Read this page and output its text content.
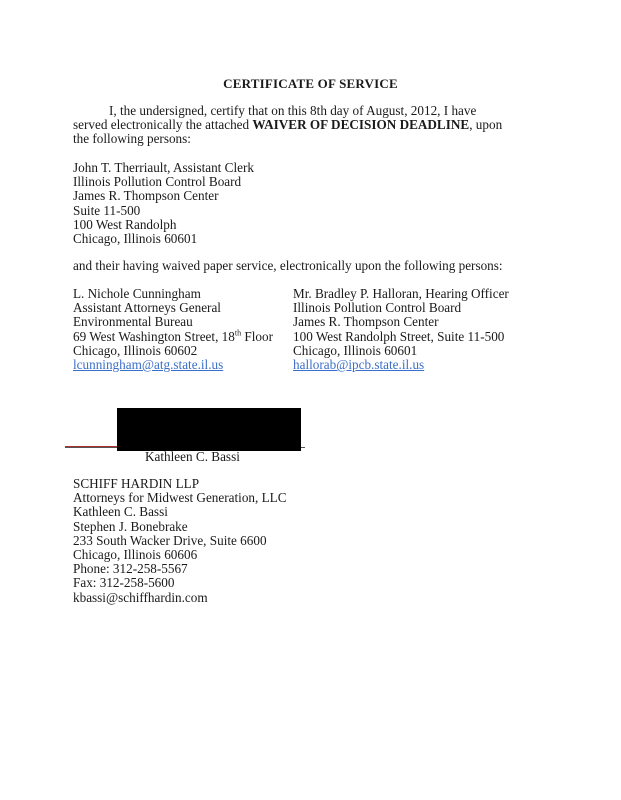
CERTIFICATE OF SERVICE
I, the undersigned, certify that on this 8th day of August, 2012, I have served electronically the attached WAIVER OF DECISION DEADLINE, upon the following persons:
John T. Therriault, Assistant Clerk
Illinois Pollution Control Board
James R. Thompson Center
Suite 11-500
100 West Randolph
Chicago, Illinois 60601
and their having waived paper service, electronically upon the following persons:
L. Nichole Cunningham
Assistant Attorneys General
Environmental Bureau
69 West Washington Street, 18th Floor
Chicago, Illinois 60602
lcunningham@atg.state.il.us
Mr. Bradley P. Halloran, Hearing Officer
Illinois Pollution Control Board
James R. Thompson Center
100 West Randolph Street, Suite 11-500
Chicago, Illinois 60601
hallorab@ipcb.state.il.us
Kathleen C. Bassi
SCHIFF HARDIN LLP
Attorneys for Midwest Generation, LLC
Kathleen C. Bassi
Stephen J. Bonebrake
233 South Wacker Drive, Suite 6600
Chicago, Illinois 60606
Phone: 312-258-5567
Fax: 312-258-5600
kbassi@schiffhardin.com
